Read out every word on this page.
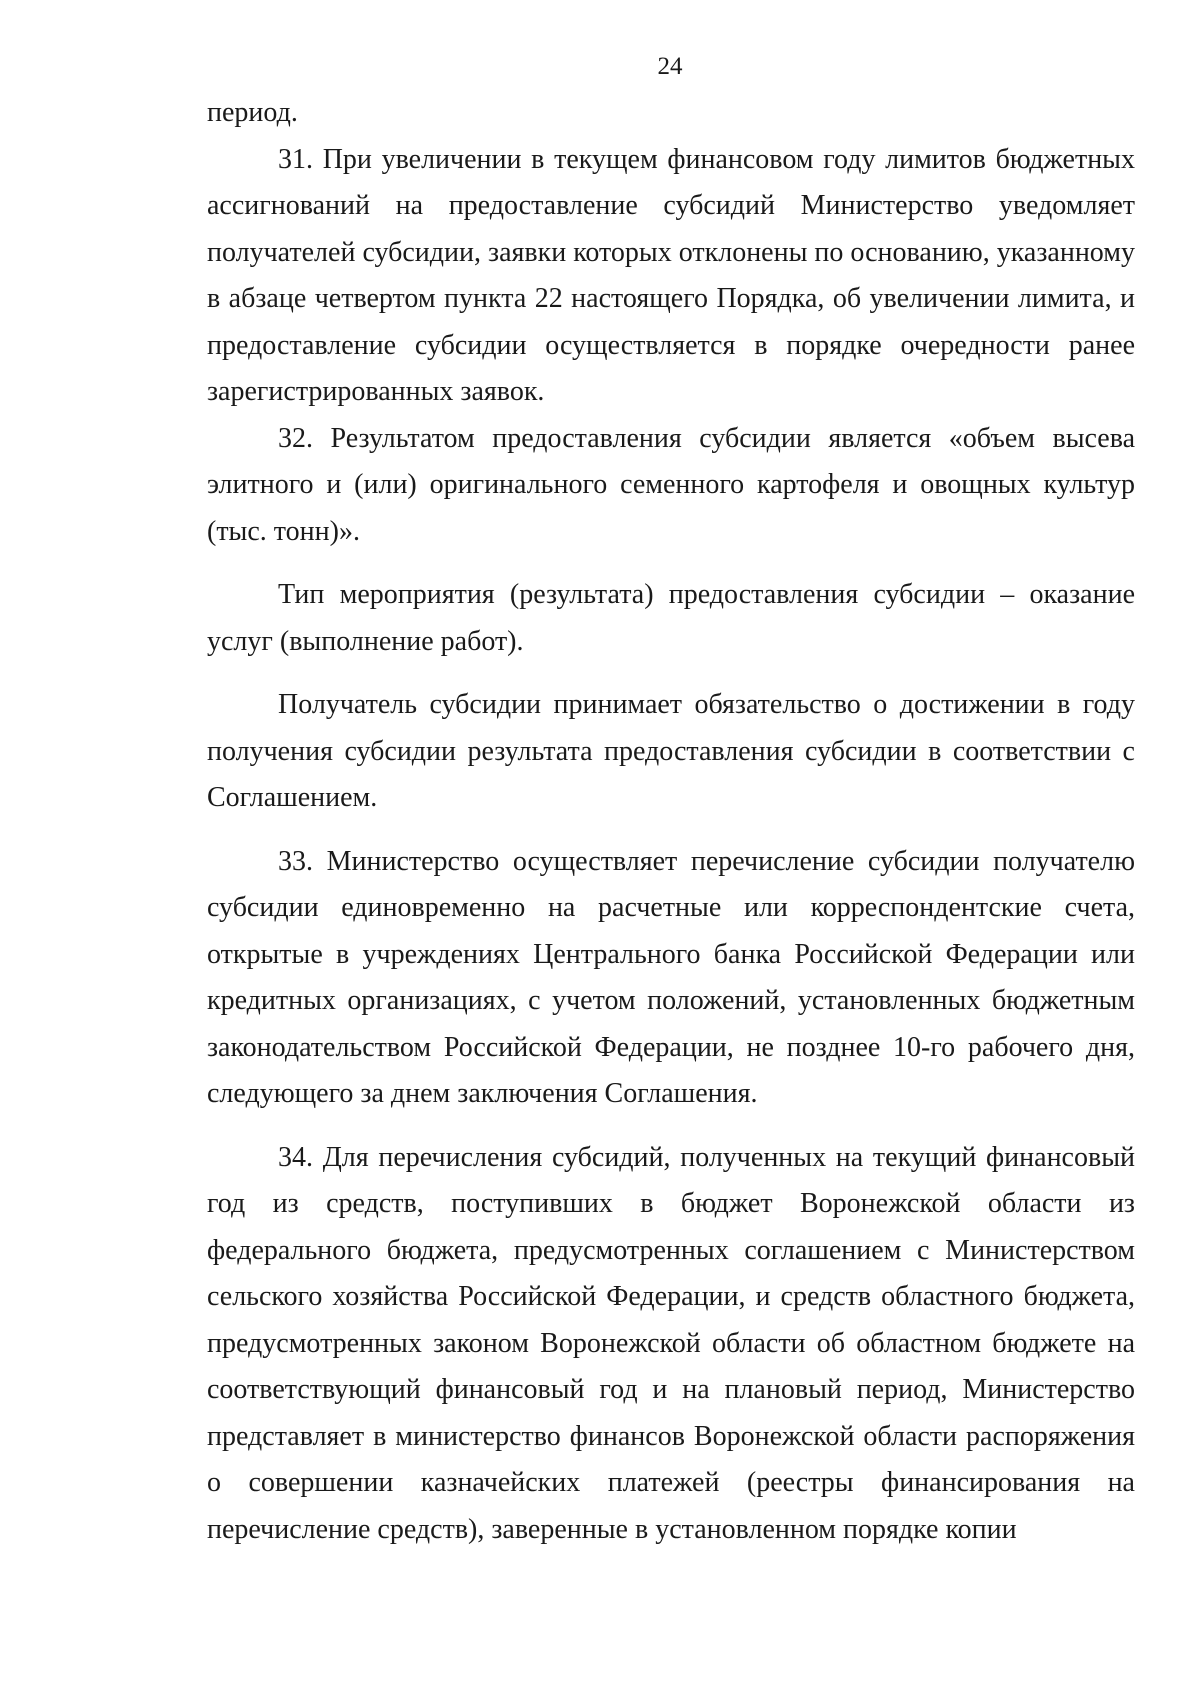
24

период.

31. При увеличении в текущем финансовом году лимитов бюджетных ассигнований на предоставление субсидий Министерство уведомляет получателей субсидии, заявки которых отклонены по основанию, указанному в абзаце четвертом пункта 22 настоящего Порядка, об увеличении лимита, и предоставление субсидии осуществляется в порядке очередности ранее зарегистрированных заявок.

32. Результатом предоставления субсидии является «объем высева элитного и (или) оригинального семенного картофеля и овощных культур (тыс. тонн)».

Тип мероприятия (результата) предоставления субсидии – оказание услуг (выполнение работ).

Получатель субсидии принимает обязательство о достижении в году получения субсидии результата предоставления субсидии в соответствии с Соглашением.

33. Министерство осуществляет перечисление субсидии получателю субсидии единовременно на расчетные или корреспондентские счета, открытые в учреждениях Центрального банка Российской Федерации или кредитных организациях, с учетом положений, установленных бюджетным законодательством Российской Федерации, не позднее 10-го рабочего дня, следующего за днем заключения Соглашения.

34. Для перечисления субсидий, полученных на текущий финансовый год из средств, поступивших в бюджет Воронежской области из федерального бюджета, предусмотренных соглашением с Министерством сельского хозяйства Российской Федерации, и средств областного бюджета, предусмотренных законом Воронежской области об областном бюджете на соответствующий финансовый год и на плановый период, Министерство представляет в министерство финансов Воронежской области распоряжения о совершении казначейских платежей (реестры финансирования на перечисление средств), заверенные в установленном порядке копии
